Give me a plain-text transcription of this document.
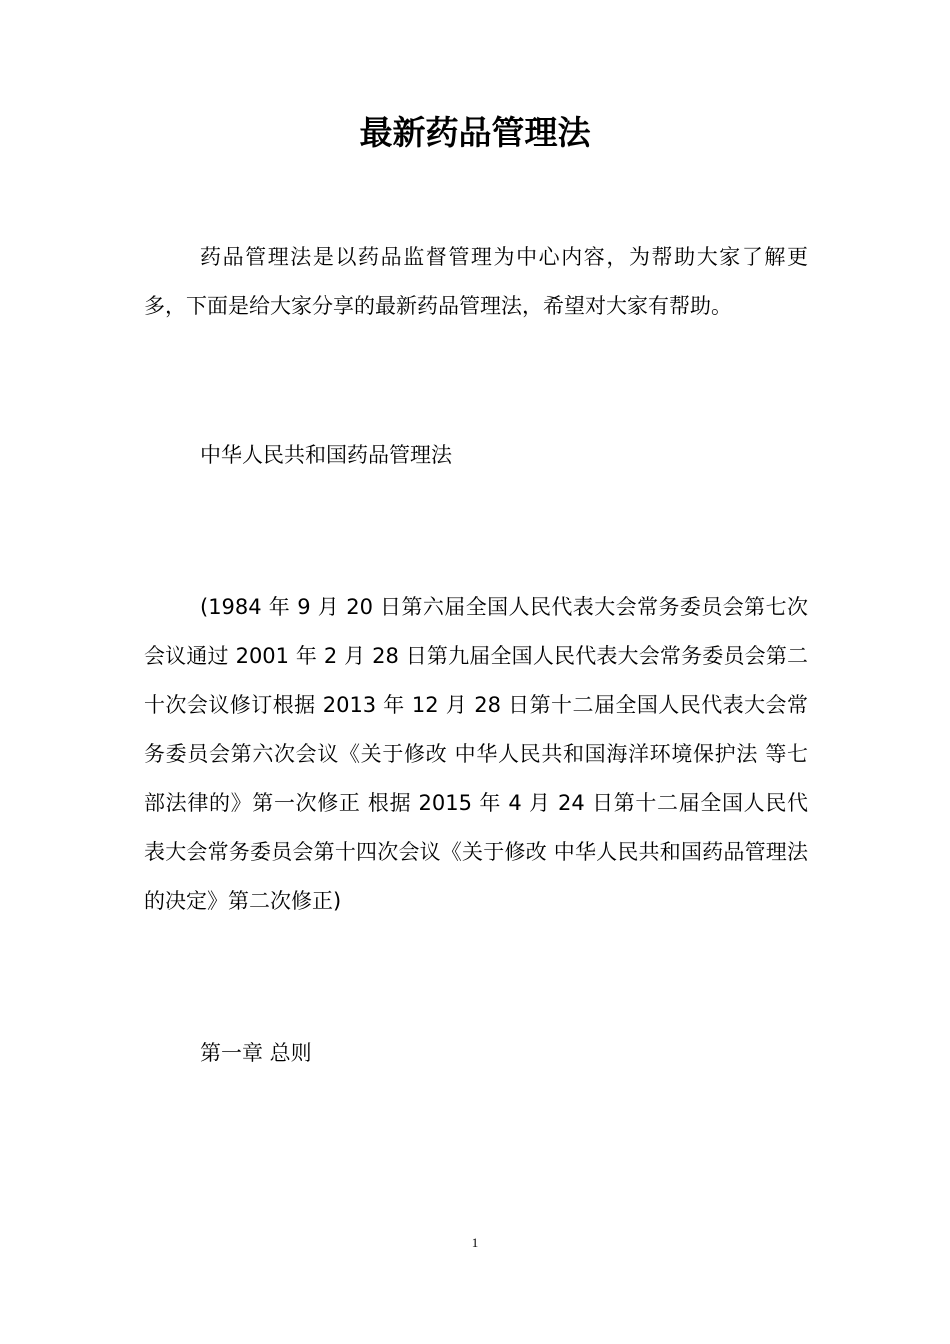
最新药品管理法

药品管理法是以药品监督管理为中心内容，为帮助大家了解更多，下面是给大家分享的最新药品管理法，希望对大家有帮助。

中华人民共和国药品管理法

(1984 年 9 月 20 日第六届全国人民代表大会常务委员会第七次会议通过 2001 年 2 月 28 日第九届全国人民代表大会常务委员会第二十次会议修订根据 2013 年 12 月 28 日第十二届全国人民代表大会常务委员会第六次会议《关于修改 中华人民共和国海洋环境保护法 等七部法律的》第一次修正 根据 2015 年 4 月 24 日第十二届全国人民代表大会常务委员会第十四次会议《关于修改 中华人民共和国药品管理法 的决定》第二次修正)

第一章 总则

1
